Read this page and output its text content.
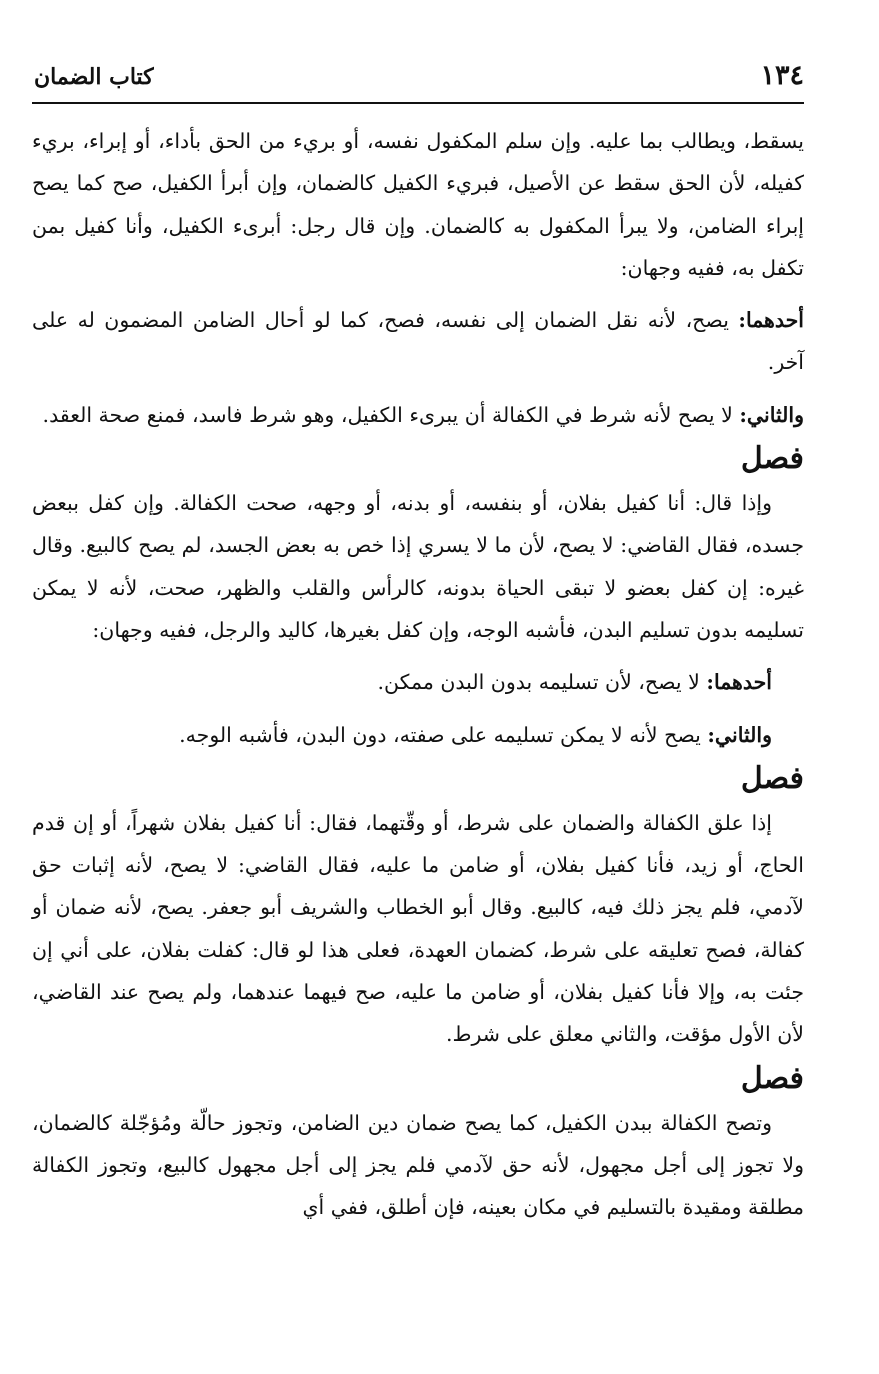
١٣٤
كتاب الضمان

يسقط، ويطالب بما عليه. وإن سلم المكفول نفسه، أو بريء من الحق بأداء، أو إبراء، بريء كفيله، لأن الحق سقط عن الأصيل، فبريء الكفيل كالضمان، وإن أبرأ الكفيل، صح كما يصح إبراء الضامن، ولا يبرأ المكفول به كالضمان. وإن قال رجل: أبرىء الكفيل، وأنا كفيل بمن تكفل به، ففيه وجهان:

أحدهما: يصح، لأنه نقل الضمان إلى نفسه، فصح، كما لو أحال الضامن المضمون له على آخر.

والثاني: لا يصح لأنه شرط في الكفالة أن يبرىء الكفيل، وهو شرط فاسد، فمنع صحة العقد.

فصل

وإذا قال: أنا كفيل بفلان، أو بنفسه، أو بدنه، أو وجهه، صحت الكفالة. وإن كفل ببعض جسده، فقال القاضي: لا يصح، لأن ما لا يسري إذا خص به بعض الجسد، لم يصح كالبيع. وقال غيره: إن كفل بعضو لا تبقى الحياة بدونه، كالرأس والقلب والظهر، صحت، لأنه لا يمكن تسليمه بدون تسليم البدن، فأشبه الوجه، وإن كفل بغيرها، كاليد والرجل، ففيه وجهان:

أحدهما: لا يصح، لأن تسليمه بدون البدن ممكن.

والثاني: يصح لأنه لا يمكن تسليمه على صفته، دون البدن، فأشبه الوجه.

فصل

إذا علق الكفالة والضمان على شرط، أو وقّتهما، فقال: أنا كفيل بفلان شهراً، أو إن قدم الحاج، أو زيد، فأنا كفيل بفلان، أو ضامن ما عليه، فقال القاضي: لا يصح، لأنه إثبات حق لآدمي، فلم يجز ذلك فيه، كالبيع. وقال أبو الخطاب والشريف أبو جعفر. يصح، لأنه ضمان أو كفالة، فصح تعليقه على شرط، كضمان العهدة، فعلى هذا لو قال: كفلت بفلان، على أني إن جئت به، وإلا فأنا كفيل بفلان، أو ضامن ما عليه، صح فيهما عندهما، ولم يصح عند القاضي، لأن الأول مؤقت، والثاني معلق على شرط.

فصل

وتصح الكفالة ببدن الكفيل، كما يصح ضمان دين الضامن، وتجوز حالّة ومُؤجّلة كالضمان، ولا تجوز إلى أجل مجهول، لأنه حق لآدمي فلم يجز إلى أجل مجهول كالبيع، وتجوز الكفالة مطلقة ومقيدة بالتسليم في مكان بعينه، فإن أطلق، ففي أي
